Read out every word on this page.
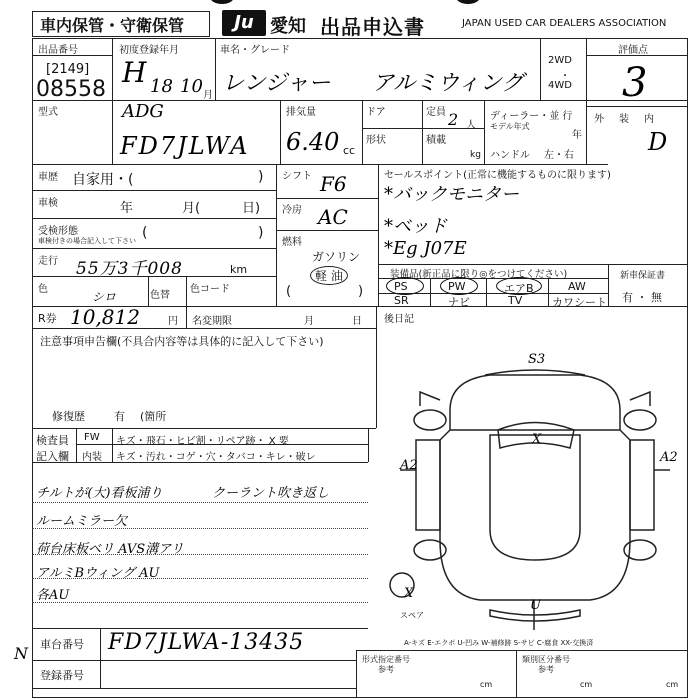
車内保管・守衛保管	Ju 愛知 出品申込書	JAPAN USED CAR DEALERS ASSOCIATION
出品番号
[2149]
08558
初度登録年月
H 18 10 月
車名・グレード
レンジャー アルミウィング
2WD
・
4WD
評価点
3
外 装 内
D
型式	ADG
FD7JLWA
排気量
6.40 cc
ドア
形状
定員 2 人
積載
kg
ディーラー・並 行
モデル年式
年
ハンドル 左・右
車歴 自家用・(	)
車検	年	月(	日)
受検形態
車検付きの場合記入して下さい (	)
走行 55万3千008	km
色
シロ	色替
色コード
シフト F6
冷房 AC
燃料
ガソリン
軽 油
(	)
セールスポイント(正常に機能するものに限ります)
*バックモニター
*ベッド
*Eg J07E
装備品(新正品に限り◎をつけてください)
PS	PW	エアB	AW
SR	ナビ	TV	カワシート
新車保証書
有 ・ 無
R券 10,812	円 名変期限	月	日 後日記
注意事項申告欄(不具合内容等は具体的に記入して下さい)
修復歴	有 (箇所
検査員
記入欄
FW キズ・飛石・ヒビ割・リペア跡・ X 要
内装 キズ・汚れ・コゲ・穴・タバコ・キレ・破レ
チルトが(大)看板浦り	クーラント吹き返し
ルームミラー欠
荷台床板ベリ AVS溝アリ
アルミBウィング AU
各AU
S3
A2
A2
X
U
X
スペア
A-キズ E-エクボ U-凹み W-補修跡 S-サビ C-腐食 XX-交換済
車台番号 FD7JLWA-13435
登録番号
N	形式指定番号
参考
類別区分番号
参考
cm	cm	cm
